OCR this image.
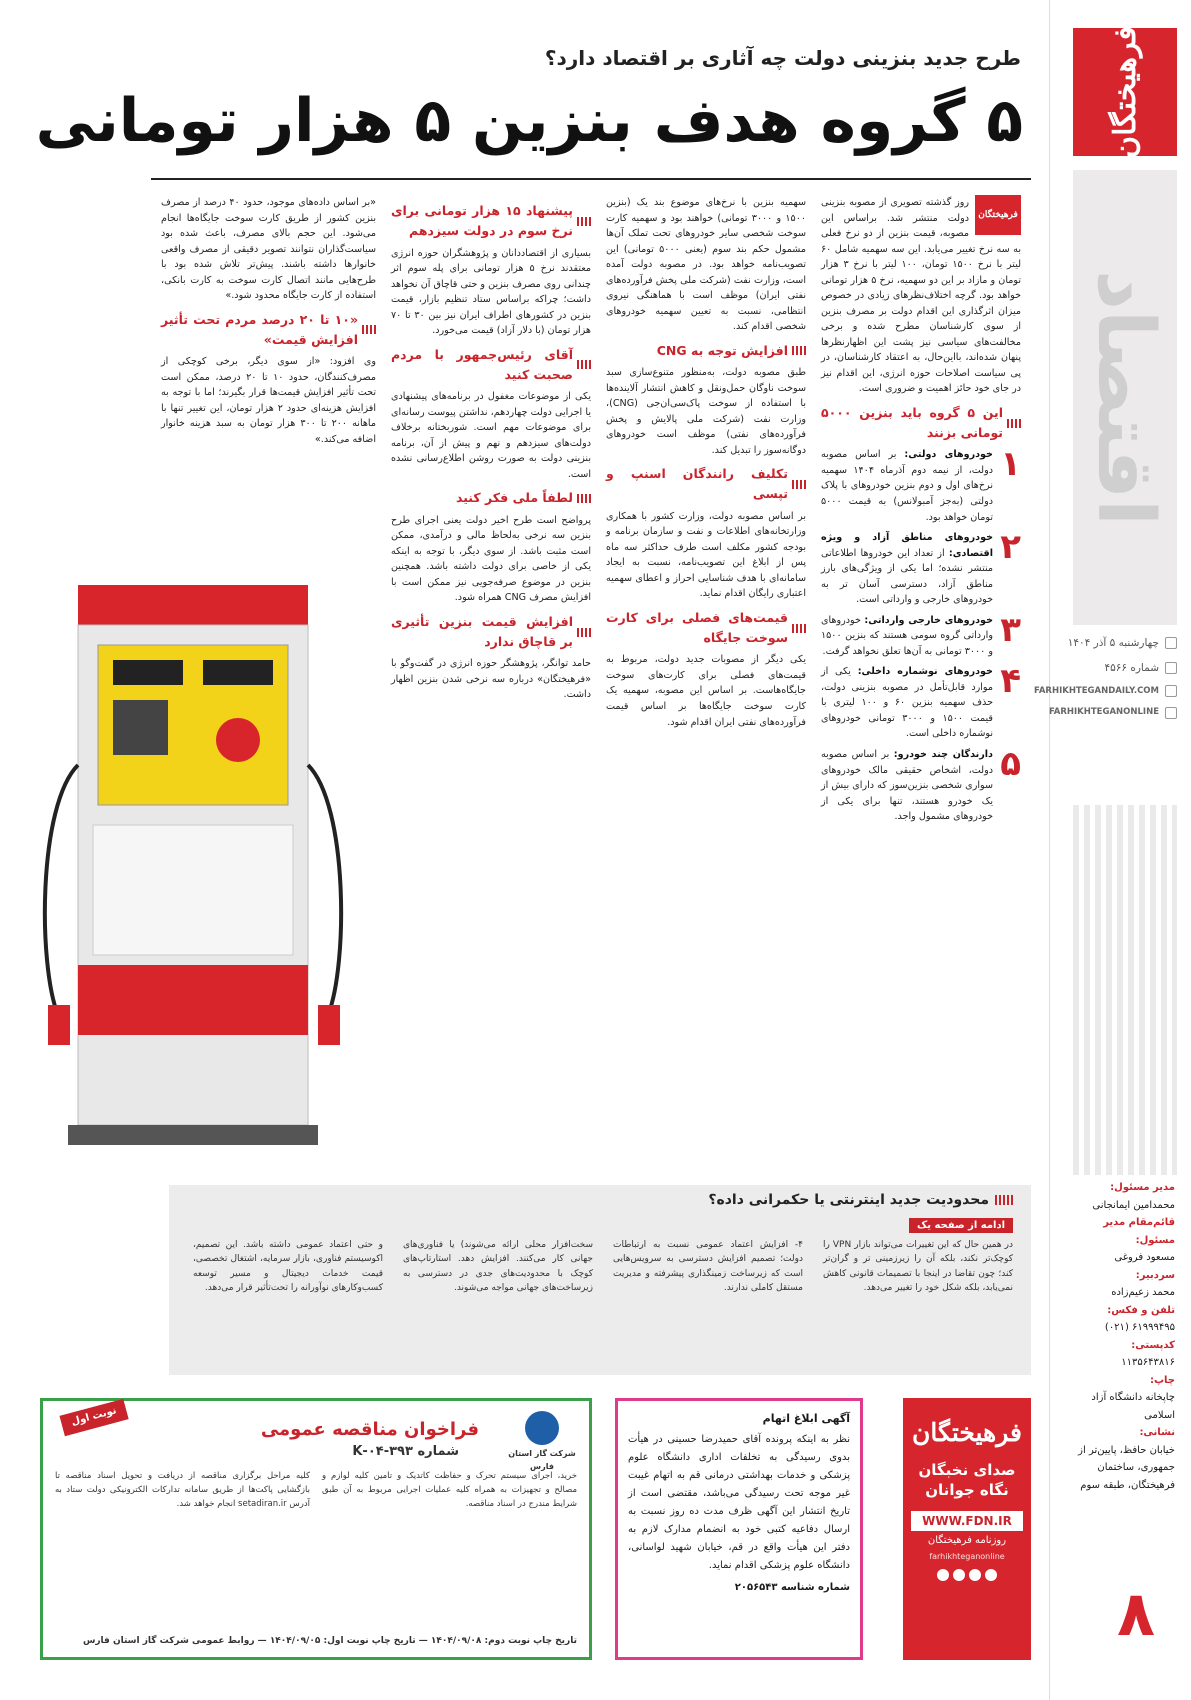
فرهیختگان
اقتصاد
چهارشنبه ۵ آذر ۱۴۰۴
شماره ۴۵۶۶
FARHIKHTEGANDAILY.COM
FARHIKHTEGANONLINE
مدیر مسئول:
محمدامین ایمانجانی
قائم‌مقام مدیر مسئول:
مسعود فروغی
سردبیر:
محمد زعیم‌زاده
تلفن و فکس:
۶۱۹۹۹۴۹۵ (۰۲۱)
کدپستی:
۱۱۳۵۶۴۳۸۱۶
چاپ:
چاپخانه دانشگاه آزاد اسلامی
نشانی:
خیابان حافظ، پایین‌تر از جمهوری، ساختمان فرهیختگان، طبقه سوم
۸
طرح جدید بنزینی دولت چه آثاری بر اقتصاد دارد؟
۵ گروه هدف بنزین ۵ هزار تومانی
فرهیختگان

روز گذشته تصویری از مصوبه بنزینی دولت منتشر شد. براساس این مصوبه، قیمت بنزین از دو نرخ فعلی به سه نرخ تغییر می‌یابد. این سه سهمیه شامل ۶۰ لیتر با نرخ ۱۵۰۰ تومان، ۱۰۰ لیتر با نرخ ۳ هزار تومان و مازاد بر این دو سهمیه، نرخ ۵ هزار تومانی خواهد بود. گرچه اختلاف‌نظرهای زیادی در خصوص میزان اثرگذاری این اقدام دولت بر مصرف بنزین از سوی کارشناسان مطرح شده و برخی مخالفت‌های سیاسی نیز پشت این اظهارنظرها پنهان شده‌اند، بااین‌حال، به اعتقاد کارشناسان، در پی سیاست اصلاحات حوزه انرژی، این اقدام نیز در جای خود حائز اهمیت و ضروری است.

این ۵ گروه باید بنزین ۵۰۰۰ تومانی بزنند
۱
خودروهای دولتی: بر اساس مصوبه دولت، از نیمه دوم آذرماه ۱۴۰۴ سهمیه نرخ‌های اول و دوم بنزین خودروهای با پلاک دولتی (به‌جز آمبولانس) به قیمت ۵۰۰۰ تومان خواهد بود.
۲
خودروهای مناطق آزاد و ویژه اقتصادی: از تعداد این خودروها اطلاعاتی منتشر نشده؛ اما یکی از ویژگی‌های بارز مناطق آزاد، دسترسی آسان تر به خودروهای خارجی و وارداتی است.
۳
خودروهای خارجی وارداتی: خودروهای وارداتی گروه سومی هستند که بنزین ۱۵۰۰ و ۳۰۰۰ تومانی به آن‌ها تعلق نخواهد گرفت.
۴
خودروهای نوشماره داخلی: یکی از موارد قابل‌تأمل در مصوبه بنزینی دولت، حذف سهمیه بنزین ۶۰ و ۱۰۰ لیتری با قیمت ۱۵۰۰ و ۳۰۰۰ تومانی خودروهای نوشماره داخلی است.
۵
دارندگان چند خودرو: بر اساس مصوبه دولت، اشخاص حقیقی مالک خودروهای سواری شخصی بنزین‌سوز که دارای بیش از یک خودرو هستند، تنها برای یکی از خودروهای مشمول واجد.

سهمیه بنزین با نرخ‌های موضوع بند یک (بنزین ۱۵۰۰ و ۳۰۰۰ تومانی) خواهند بود و سهمیه کارت سوخت شخصی سایر خودروهای تحت تملک آن‌ها مشمول حکم بند سوم (یعنی ۵۰۰۰ تومانی) این تصویب‌نامه خواهد بود. در مصوبه دولت آمده است، وزارت نفت (شرکت ملی پخش فرآورده‌های نفتی ایران) موظف است با هماهنگی نیروی انتظامی، نسبت به تعیین سهمیه خودروهای شخصی اقدام کند.

افزایش توجه به CNG

طبق مصوبه دولت، به‌منظور متنوع‌سازی سبد سوخت ناوگان حمل‌ونقل و کاهش انتشار آلاینده‌ها با استفاده از سوخت پاک‌سی‌ان‌جی (CNG)، وزارت نفت (شرکت ملی پالایش و پخش فرآورده‌های نفتی) موظف است خودروهای دوگانه‌سوز را تبدیل کند.

تکلیف رانندگان اسنپ و تپسی

بر اساس مصوبه دولت، وزارت کشور با همکاری وزارتخانه‌های اطلاعات و نفت و سازمان برنامه و بودجه کشور مکلف است طرف حداکثر سه ماه پس از ابلاغ این تصویب‌نامه، نسبت به ایجاد سامانه‌ای با هدف شناسایی احراز و اعطای سهمیه اعتباری رایگان اقدام نماید.

قیمت‌های فصلی برای کارت سوخت جایگاه

یکی دیگر از مصوبات جدید دولت، مربوط به قیمت‌های فصلی برای کارت‌های سوخت جایگاه‌هاست. بر اساس این مصوبه، سهمیه یک کارت سوخت جایگاه‌ها بر اساس قیمت فرآورده‌های نفتی ایران اقدام شود.

پیشنهاد ۱۵ هزار تومانی برای نرخ سوم در دولت سیزدهم

بسیاری از اقتصاددانان و پژوهشگران حوزه انرژی معتقدند نرخ ۵ هزار تومانی برای پله سوم اثر چندانی روی مصرف بنزین و حتی قاچاق آن نخواهد داشت؛ چراکه براساس ستاد تنظیم بازار، قیمت بنزین در کشورهای اطراف ایران نیز بین ۳۰ تا ۷۰ هزار تومان (با دلار آزاد) قیمت می‌خورد.

آقای رئیس‌جمهور با مردم صحبت کنید

یکی از موضوعات مغفول در برنامه‌های پیشنهادی یا اجرایی دولت چهاردهم، نداشتن پیوست رسانه‌ای برای موضوعات مهم است. شوربختانه برخلاف دولت‌های سیزدهم و نهم و پیش از آن، برنامه بنزینی دولت به صورت روشن اطلاع‌رسانی نشده است.

لطفاً ملی فکر کنید

پرواضح است طرح اخیر دولت یعنی اجرای طرح بنزین سه نرخی به‌لحاظ مالی و درآمدی، ممکن است مثبت باشد. از سوی دیگر، با توجه به اینکه یکی از خاصی برای دولت داشته باشد. همچنین بنزین در موضوع صرفه‌جویی نیز ممکن است با افزایش مصرف CNG همراه شود.

افزایش قیمت بنزین تأثیری بر قاچاق ندارد

حامد توانگر، پژوهشگر حوزه انرژی در گفت‌وگو با «فرهیختگان» درباره سه نرخی شدن بنزین اظهار داشت.

«بر اساس داده‌های موجود، حدود ۴۰ درصد از مصرف بنزین کشور از طریق کارت سوخت جایگاه‌ها انجام می‌شود. این حجم بالای مصرف، باعث شده بود سیاست‌گذاران نتوانند تصویر دقیقی از مصرف واقعی خانوارها داشته باشند. پیش‌تر تلاش شده بود با طرح‌هایی مانند اتصال کارت سوخت به کارت بانکی، استفاده از کارت جایگاه محدود شود.»

«۱۰ تا ۲۰ درصد مردم تحت تأثیر افزایش قیمت»

وی افزود: «از سوی دیگر، برخی کوچکی از مصرف‌کنندگان، حدود ۱۰ تا ۲۰ درصد، ممکن است تحت تأثیر افزایش قیمت‌ها قرار بگیرند؛ اما با توجه به افزایش هزینه‌ای حدود ۲ هزار تومان، این تغییر تنها با ماهانه ۲۰۰ تا ۳۰۰ هزار تومان به سبد هزینه خانوار اضافه می‌کند.»

محدودیت جدید اینترنتی یا حکمرانی داده؟
ادامه از صفحه یک
در همین حال که این تغییرات می‌تواند بازار VPN را کوچک‌تر نکند، بلکه آن را زیرزمینی تر و گران‌تر کند؛ چون تقاضا در اینجا با تصمیمات قانونی کاهش نمی‌یابد، بلکه شکل خود را تغییر می‌دهد.
۴- افزایش اعتماد عمومی نسبت به ارتباطات دولت؛ تصمیم افزایش دسترسی به سرویس‌هایی است که زیرساخت زمینگذاری پیشرفته و مدیریت مستقل کاملی ندارند.
سخت‌افزار محلی ارائه می‌شوند) یا فناوری‌های جهانی کار می‌کنند. افزایش دهد. استارتاپ‌های کوچک با محدودیت‌های جدی در دسترسی به زیرساخت‌های جهانی مواجه می‌شوند.
و حتی اعتماد عمومی داشته باشد. این تصمیم، اکوسیستم فناوری، بازار سرمایه، اشتغال تخصصی، قیمت خدمات دیجیتال و مسیر توسعه کسب‌وکارهای نوآورانه را تحت‌تأثیر قرار می‌دهد.
فرهیختگان
صدای نخبگان
نگاه جوانان
WWW.FDN.IR
روزنامه فرهیختگان
farhikhteganonline
آگهی ابلاغ اتهام

نظر به اینکه پرونده آقای حمیدرضا حسینی در هیأت بدوی رسیدگی به تخلفات اداری دانشگاه علوم پزشکی و خدمات بهداشتی درمانی قم به اتهام غیبت غیر موجه تحت رسیدگی می‌باشد، مقتضی است از تاریخ انتشار این آگهی ظرف مدت ده روز نسبت به ارسال دفاعیه کتبی خود به انضمام مدارک لازم به دفتر این هیأت واقع در قم، خیابان شهید لواسانی، دانشگاه علوم پزشکی اقدام نماید.

شماره شناسه ۲۰۵۶۵۴۳

شرکت گاز استان فارس
فراخوان مناقصه عمومی
شماره ۳۹۳-۰۴-K
نوبت اول
خرید، اجرای سیستم تحرک و حفاظت کاتدیک و تامین کلیه لوازم و مصالح و تجهیزات به همراه کلیه عملیات اجرایی مربوط به آن طبق شرایط مندرج در اسناد مناقصه.
کلیه مراحل برگزاری مناقصه از دریافت و تحویل اسناد مناقصه تا بازگشایی پاکت‌ها از طریق سامانه تدارکات الکترونیکی دولت ستاد به آدرس setadiran.ir انجام خواهد شد.
تاریخ چاپ نوبت دوم: ۱۴۰۴/۰۹/۰۸ — تاریخ چاپ نوبت اول: ۱۴۰۴/۰۹/۰۵ — روابط عمومی شرکت گاز استان فارس
